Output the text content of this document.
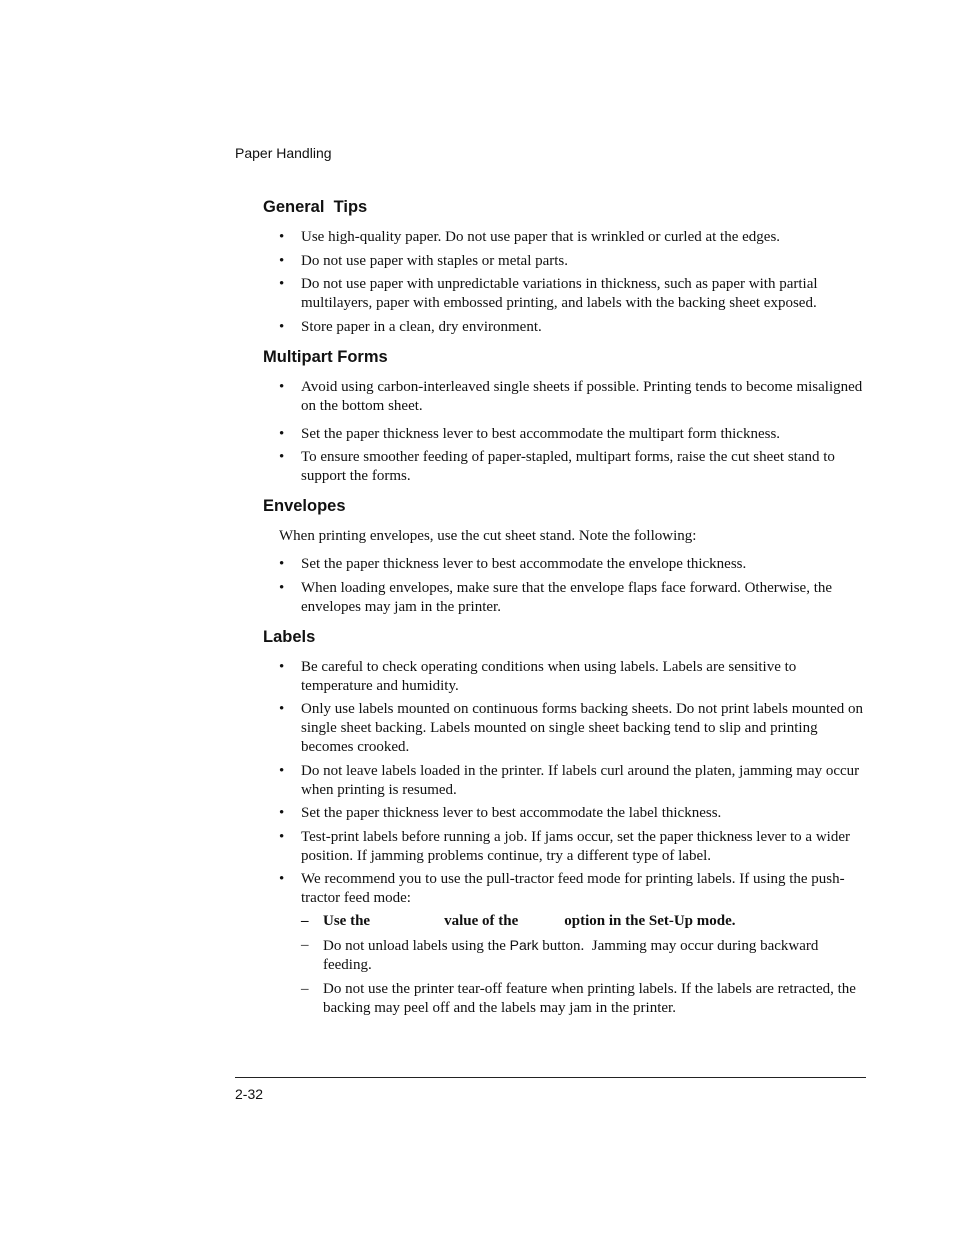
Paper Handling
General  Tips
• Use high-quality paper. Do not use paper that is wrinkled or curled at the edges.
• Do not use paper with staples or metal parts.
• Do not use paper with unpredictable variations in thickness, such as paper with partial multilayers, paper with embossed printing, and labels with the backing sheet exposed.
• Store paper in a clean, dry environment.
Multipart Forms
• Avoid using carbon-interleaved single sheets if possible. Printing tends to become misaligned on the bottom sheet.
• Set the paper thickness lever to best accommodate the multipart form thickness.
• To ensure smoother feeding of paper-stapled, multipart forms, raise the cut sheet stand to support the forms.
Envelopes

When printing envelopes, use the cut sheet stand. Note the following:

• Set the paper thickness lever to best accommodate the envelope thickness.
• When loading envelopes, make sure that the envelope flaps face forward. Otherwise, the envelopes may jam in the printer.
Labels
• Be careful to check operating conditions when using labels. Labels are sensitive to temperature and humidity.
• Only use labels mounted on continuous forms backing sheets. Do not print labels mounted on single sheet backing. Labels mounted on single sheet backing tend to slip and printing becomes crooked.
• Do not leave labels loaded in the printer. If labels curl around the platen, jamming may occur when printing is resumed.
• Set the paper thickness lever to best accommodate the label thickness.
• Test-print labels before running a job. If jams occur, set the paper thickness lever to a wider position. If jamming problems continue, try a different type of label.
• We recommend you to use the pull-tractor feed mode for printing labels. If using the push-tractor feed mode:
– Use the	value of the	option in the Set-Up mode.
– Do not unload labels using the Park button.  Jamming may occur during backward feeding.
– Do not use the printer tear-off feature when printing labels. If the labels are retracted, the backing may peel off and the labels may jam in the printer.
2-32
